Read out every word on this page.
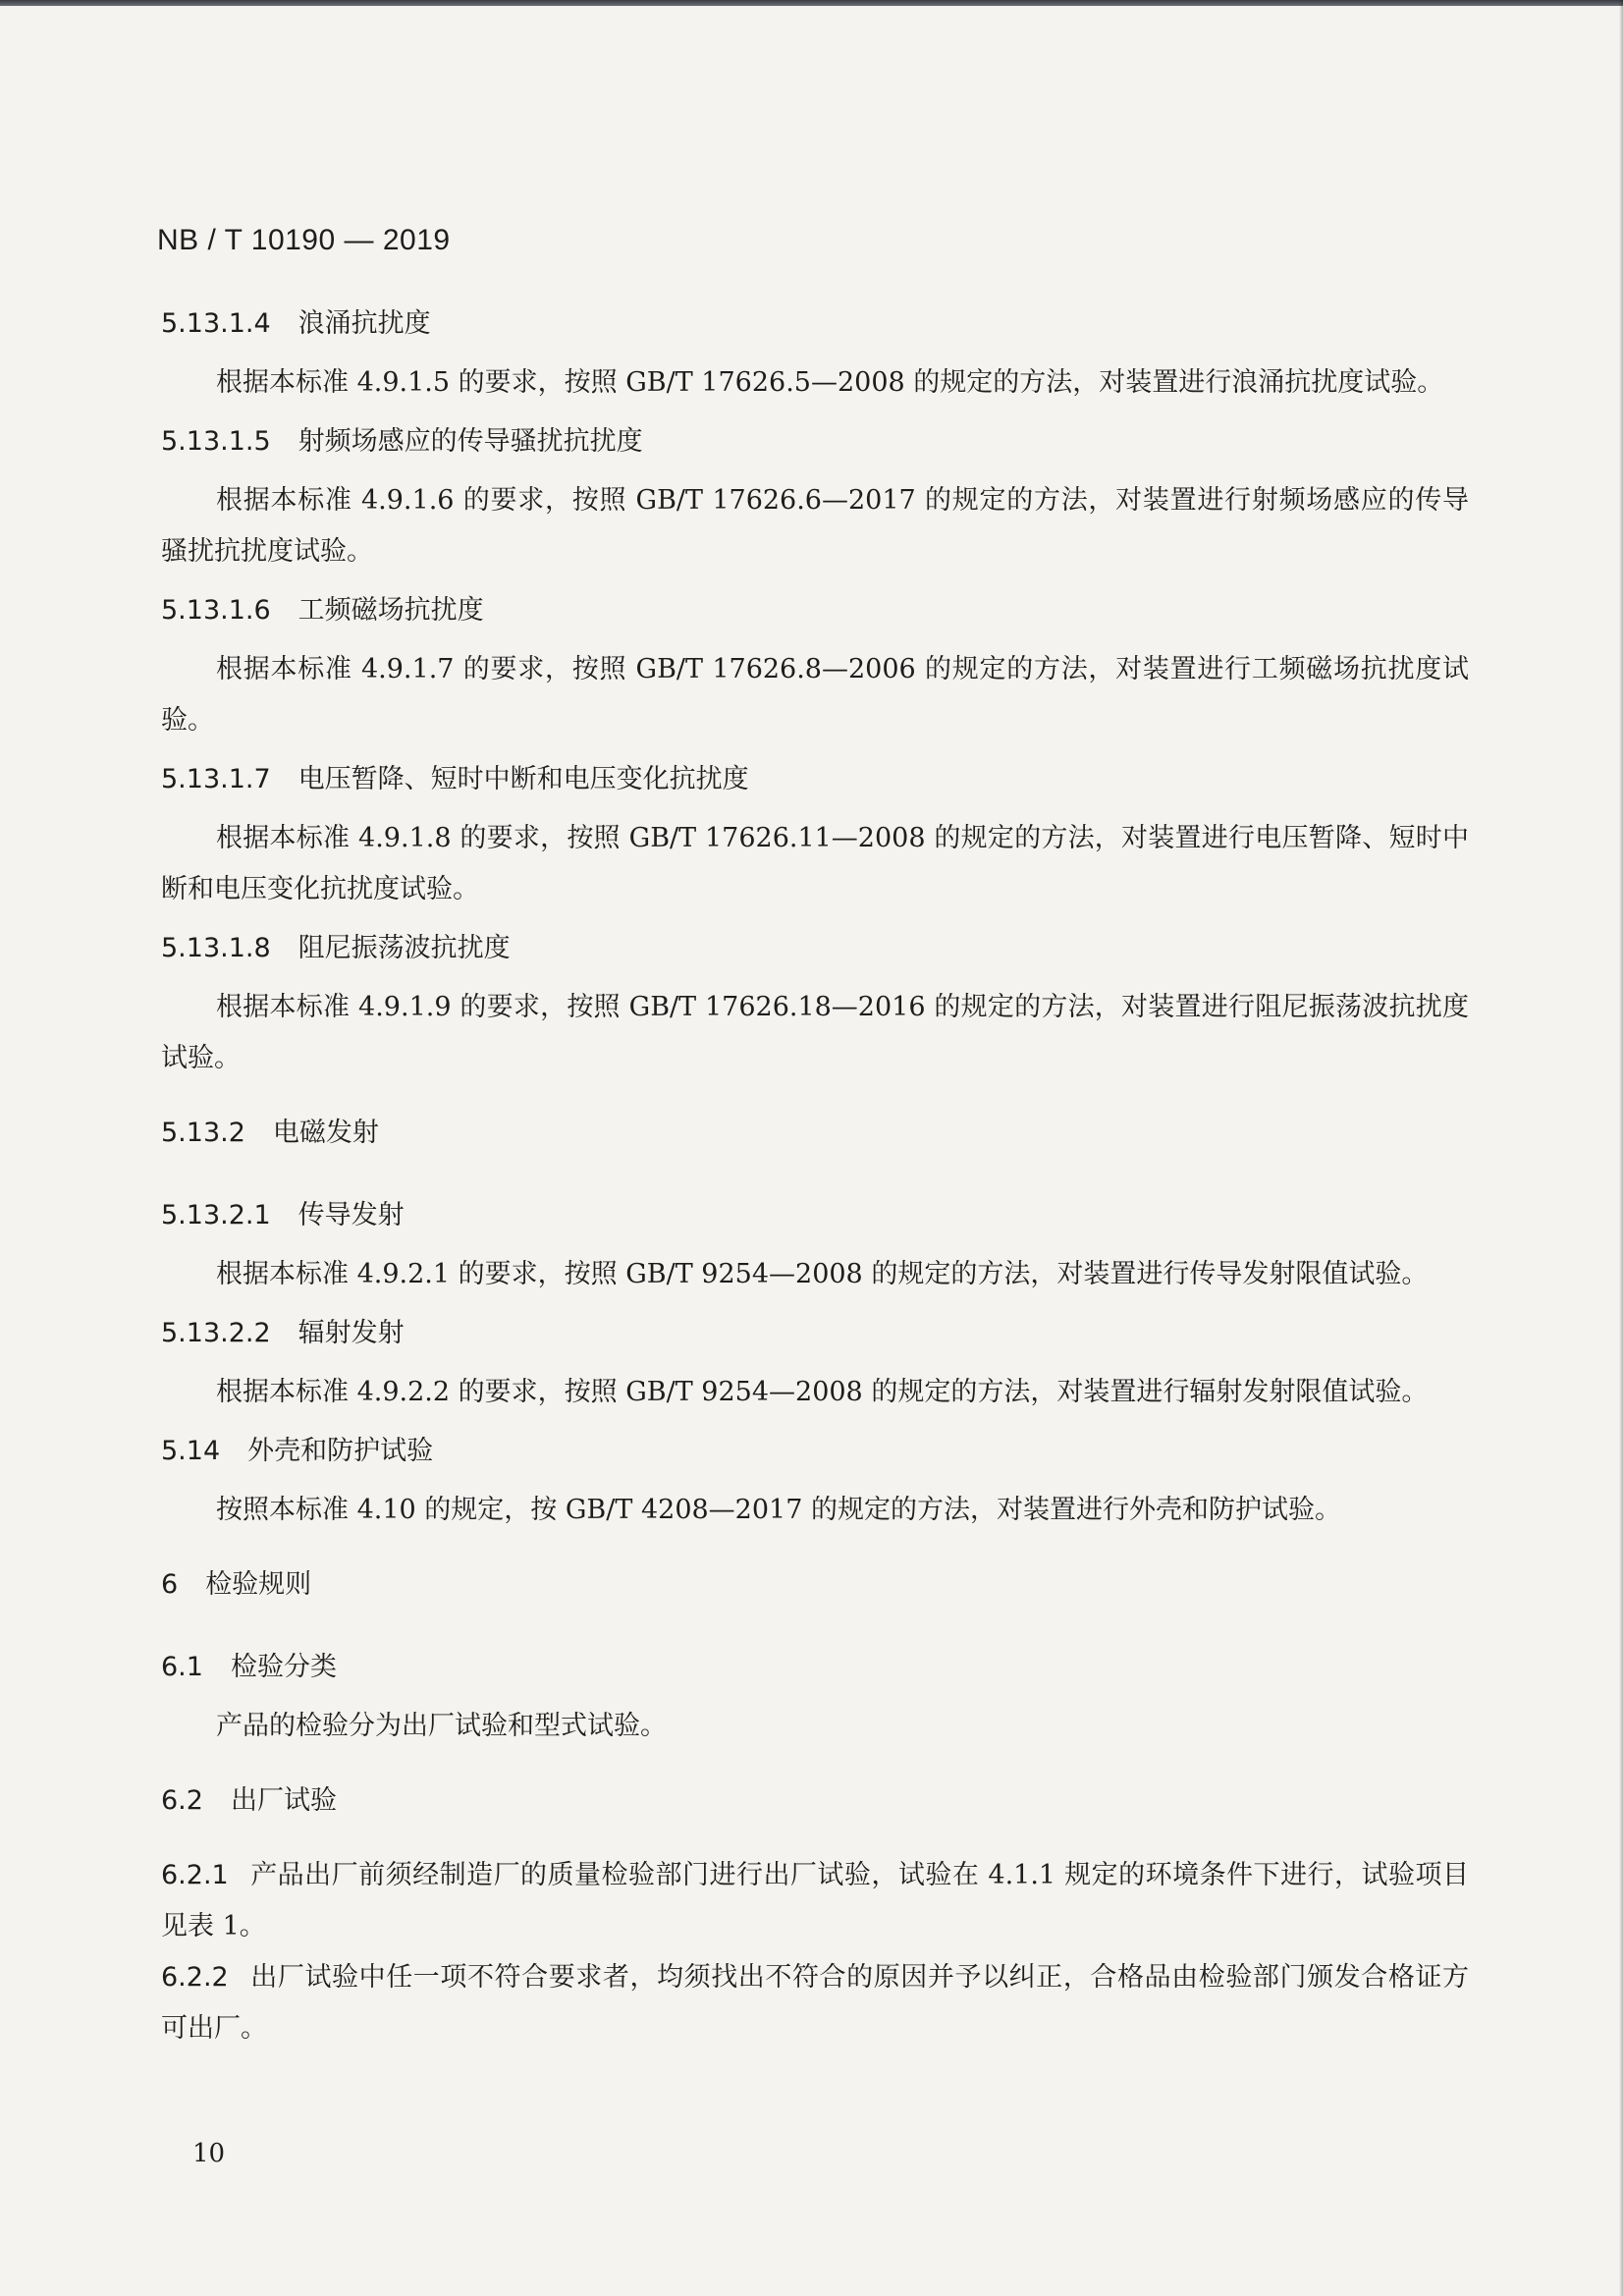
NB / T 10190 — 2019

5.13.1.4 浪涌抗扰度

根据本标准 4.9.1.5 的要求，按照 GB/T 17626.5—2008 的规定的方法，对装置进行浪涌抗扰度试验。

5.13.1.5 射频场感应的传导骚扰抗扰度

根据本标准 4.9.1.6 的要求，按照 GB/T 17626.6—2017 的规定的方法，对装置进行射频场感应的传导骚扰抗扰度试验。

5.13.1.6 工频磁场抗扰度

根据本标准 4.9.1.7 的要求，按照 GB/T 17626.8—2006 的规定的方法，对装置进行工频磁场抗扰度试验。

5.13.1.7 电压暂降、短时中断和电压变化抗扰度

根据本标准 4.9.1.8 的要求，按照 GB/T 17626.11—2008 的规定的方法，对装置进行电压暂降、短时中断和电压变化抗扰度试验。

5.13.1.8 阻尼振荡波抗扰度

根据本标准 4.9.1.9 的要求，按照 GB/T 17626.18—2016 的规定的方法，对装置进行阻尼振荡波抗扰度试验。

5.13.2 电磁发射

5.13.2.1 传导发射

根据本标准 4.9.2.1 的要求，按照 GB/T 9254—2008 的规定的方法，对装置进行传导发射限值试验。

5.13.2.2 辐射发射

根据本标准 4.9.2.2 的要求，按照 GB/T 9254—2008 的规定的方法，对装置进行辐射发射限值试验。

5.14 外壳和防护试验

按照本标准 4.10 的规定，按 GB/T 4208—2017 的规定的方法，对装置进行外壳和防护试验。

6 检验规则

6.1 检验分类

产品的检验分为出厂试验和型式试验。

6.2 出厂试验

6.2.1 产品出厂前须经制造厂的质量检验部门进行出厂试验，试验在 4.1.1 规定的环境条件下进行，试验项目见表 1。

6.2.2 出厂试验中任一项不符合要求者，均须找出不符合的原因并予以纠正，合格品由检验部门颁发合格证方可出厂。

10
